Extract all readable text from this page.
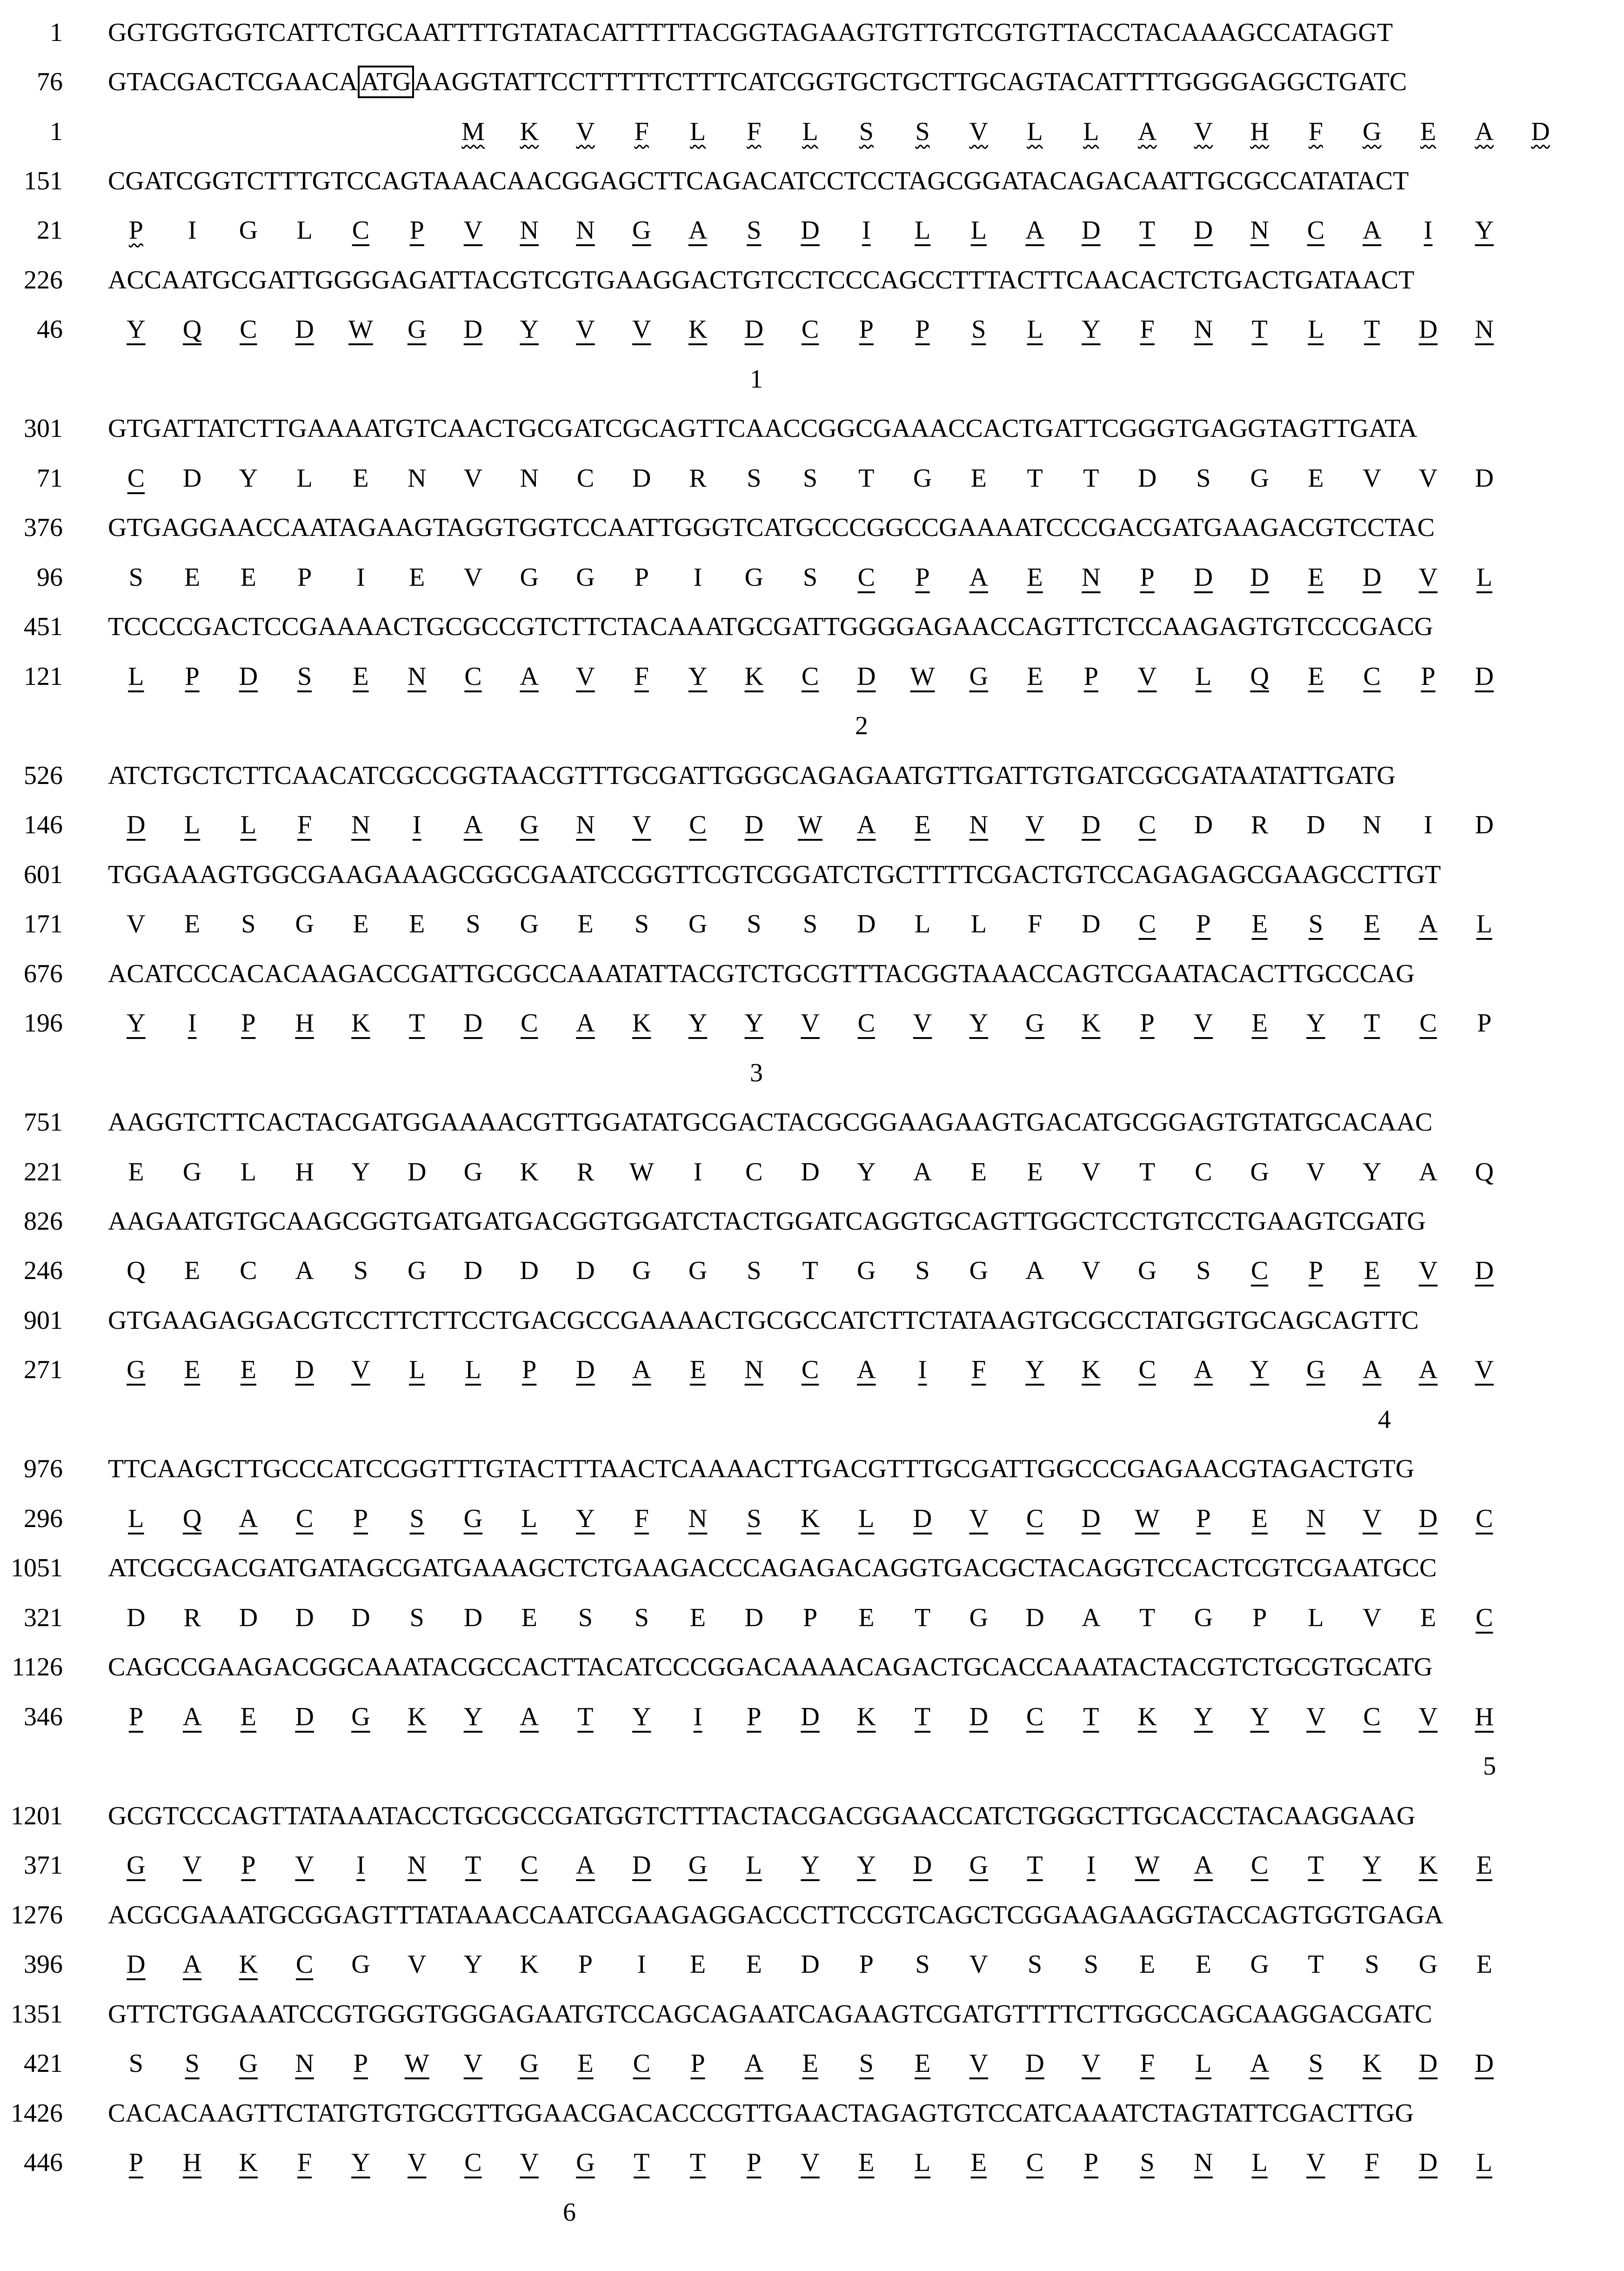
1 GGTGGTGGTCATTCTGCAATTTTGTATACATTTTTACGGTAGAAGTGTTGTCGTGTTACCTACAAAGCCATAGGT
76 GTACGACTCGAACA ATG AAGGTATTCCTTTTTCTTTCATCGGTGCTGCTTGCAGTACATTTTGGGGAGGCTGATC
1	M	K	V	F	L	F	L	S	S	V	L	L	A	V	H	F	G	E	A	D
151 CGATCGGTCTTTGTCCAGTAAACAACGGAGCTTCAGACATCCTCCTAGCGGATACAGACAATTGCGCCATATACT
21	P	I	G	L	C	P	V	N	N	G	A	S	D	I	L	L	A	D	T	D	N	C	A	I	Y
226 ACCAATGCGATTGGGGAGATTACGTCGTGAAGGACTGTCCTCCCAGCCTTTACTTCAACACTCTGACTGATAACT
46	Y	Q	C	D	W	G	D	Y	V	V	K	D	C	P	P	S	L	Y	F	N	T	L	T	D	N
1
301 GTGATTATCTTGAAAATGTCAACTGCGATCGCAGTTCAACCGGCGAAACCACTGATTCGGGTGAGGTAGTTGATA
71	C	D	Y	L	E	N	V	N	C	D	R	S	S	T	G	E	T	T	D	S	G	E	V	V	D
376 GTGAGGAACCAATAGAAGTAGGTGGTCCAATTGGGTCATGCCCGGCCGAAAATCCCGACGATGAAGACGTCCTAC
96	S	E	E	P	I	E	V	G	G	P	I	G	S	C	P	A	E	N	P	D	D	E	D	V	L
451 TCCCCGACTCCGAAAACTGCGCCGTCTTCTACAAATGCGATTGGGGAGAACCAGTTCTCCAAGAGTGTCCCGACG
121	L	P	D	S	E	N	C	A	V	F	Y	K	C	D	W	G	E	P	V	L	Q	E	C	P	D
2
526 ATCTGCTCTTCAACATCGCCGGTAACGTTTGCGATTGGGCAGAGAATGTTGATTGTGATCGCGATAATATTGATG
146	D	L	L	F	N	I	A	G	N	V	C	D	W	A	E	N	V	D	C	D	R	D	N	I	D
601 TGGAAAGTGGCGAAGAAAGCGGCGAATCCGGTTCGTCGGATCTGCTTTTCGACTGTCCAGAGAGCGAAGCCTTGT
171	V	E	S	G	E	E	S	G	E	S	G	S	S	D	L	L	F	D	C	P	E	S	E	A	L
676 ACATCCCACACAAGACCGATTGCGCCAAATATTACGTCTGCGTTTACGGTAAACCAGTCGAATACACTTGCCCAG
196	Y	I	P	H	K	T	D	C	A	K	Y	Y	V	C	V	Y	G	K	P	V	E	Y	T	C	P
3
751 AAGGTCTTCACTACGATGGAAAACGTTGGATATGCGACTACGCGGAAGAAGTGACATGCGGAGTGTATGCACAAC
221	E	G	L	H	Y	D	G	K	R	W	I	C	D	Y	A	E	E	V	T	C	G	V	Y	A	Q
826 AAGAATGTGCAAGCGGTGATGATGACGGTGGATCTACTGGATCAGGTGCAGTTGGCTCCTGTCCTGAAGTCGATG
246	Q	E	C	A	S	G	D	D	D	G	G	S	T	G	S	G	A	V	G	S	C	P	E	V	D
901 GTGAAGAGGACGTCCTTCTTCCTGACGCCGAAAACTGCGCCATCTTCTATAAGTGCGCCTATGGTGCAGCAGTTC
271	G	E	E	D	V	L	L	P	D	A	E	N	C	A	I	F	Y	K	C	A	Y	G	A	A	V
4
976 TTCAAGCTTGCCCATCCGGTTTGTACTTTAACTCAAAACTTGACGTTTGCGATTGGCCCGAGAACGTAGACTGTG
296	L	Q	A	C	P	S	G	L	Y	F	N	S	K	L	D	V	C	D	W	P	E	N	V	D	C
1051 ATCGCGACGATGATAGCGATGAAAGCTCTGAAGACCCAGAGACAGGTGACGCTACAGGTCCACTCGTCGAATGCC
321	D	R	D	D	D	S	D	E	S	S	E	D	P	E	T	G	D	A	T	G	P	L	V	E	C
1126 CAGCCGAAGACGGCAAATACGCCACTTACATCCCGGACAAAACAGACTGCACCAAATACTACGTCTGCGTGCATG
346	P	A	E	D	G	K	Y	A	T	Y	I	P	D	K	T	D	C	T	K	Y	Y	V	C	V	H
5
1201 GCGTCCCAGTTATAAATACCTGCGCCGATGGTCTTTACTACGACGGAACCATCTGGGCTTGCACCTACAAGGAAG
371	G	V	P	V	I	N	T	C	A	D	G	L	Y	Y	D	G	T	I	W	A	C	T	Y	K	E
1276 ACGCGAAATGCGGAGTTTATAAACCAATCGAAGAGGACCCTTCCGTCAGCTCGGAAGAAGGTACCAGTGGTGAGA
396	D	A	K	C	G	V	Y	K	P	I	E	E	D	P	S	V	S	S	E	E	G	T	S	G	E
1351 GTTCTGGAAATCCGTGGGTGGGAGAATGTCCAGCAGAATCAGAAGTCGATGTTTTCTTGGCCAGCAAGGACGATC
421	S	S	G	N	P	W	V	G	E	C	P	A	E	S	E	V	D	V	F	L	A	S	K	D	D
1426 CACACAAGTTCTATGTGTGCGTTGGAACGACACCCGTTGAACTAGAGTGTCCATCAAATCTAGTATTCGACTTGG
446	P	H	K	F	Y	V	C	V	G	T	T	P	V	E	L	E	C	P	S	N	L	V	F	D	L
6
